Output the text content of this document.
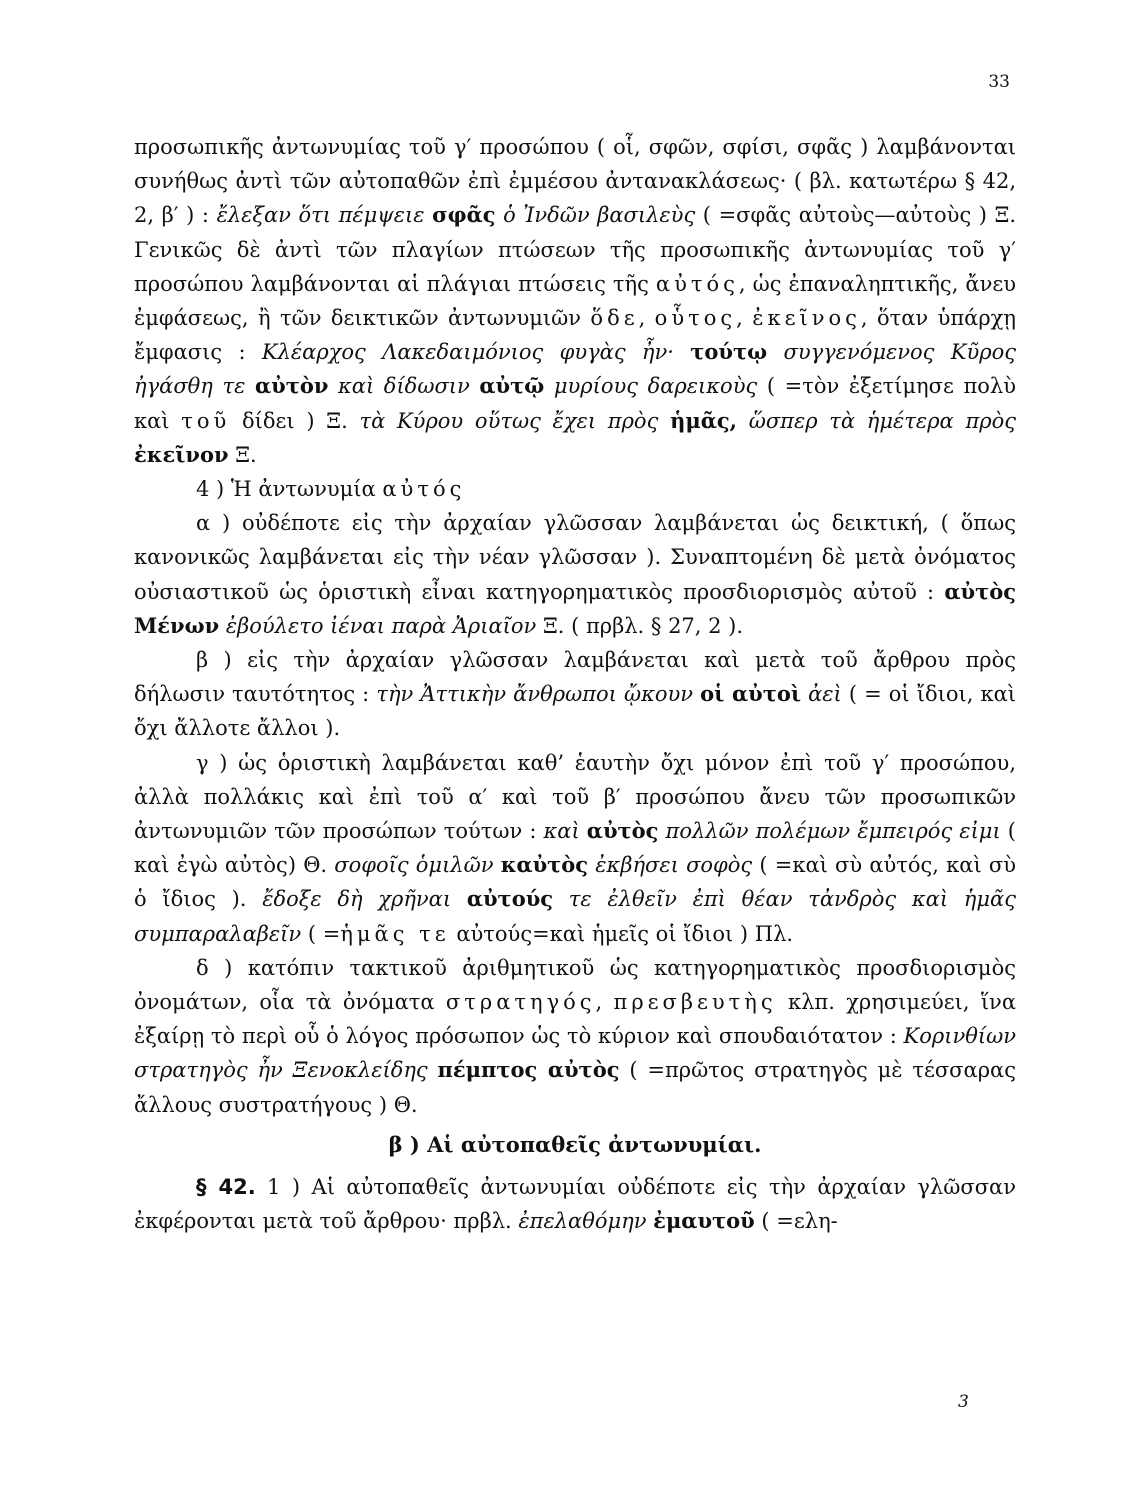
33

προσωπικῆς ἀντωνυμίας τοῦ γ′ προσώπου ( οἷ, σφῶν, σφίσι, σφᾶς ) λαμβάνονται συνήθως ἀντὶ τῶν αὐτοπαθῶν ἐπὶ ἐμμέσου ἀντανακλάσεως· ( βλ. κατωτέρω § 42, 2, β′ ) : ἔλεξαν ὅτι πέμψειε σφᾶς ὁ Ἰνδῶν βασιλεὺς ( =σφᾶς αὐτοὺς—αὐτοὺς ) Ξ. Γενικῶς δὲ ἀντὶ τῶν πλαγίων πτώσεων τῆς προσωπικῆς ἀντωνυμίας τοῦ γ′ προσώπου λαμβάνονται αἱ πλάγιαι πτώσεις τῆς αὐτός, ὡς ἐπαναληπτικῆς, ἄνευ ἐμφάσεως, ἢ τῶν δεικτικῶν ἀντωνυμιῶν ὅδε, οὗτος, ἐκεῖνος, ὅταν ὑπάρχῃ ἔμφασις : Κλέαρχος Λακεδαιμόνιος φυγὰς ἦν· τούτῳ συγγενόμενος Κῦρος ἠγάσθη τε αὐτὸν καὶ δίδωσιν αὐτῷ μυρίους δαρεικοὺς ( =τὸν ἐξετίμησε πολὺ καὶ τοῦ δίδει ) Ξ. τὰ Κύρου οὕτως ἔχει πρὸς ἡμᾶς, ὥσπερ τὰ ἡμέτερα πρὸς ἐκεῖνον Ξ.

4 ) Ἡ ἀντωνυμία αὐτός

α ) οὐδέποτε εἰς τὴν ἀρχαίαν γλῶσσαν λαμβάνεται ὡς δεικτική, ( ὅπως κανονικῶς λαμβάνεται εἰς τὴν νέαν γλῶσσαν ). Συναπτομένη δὲ μετὰ ὀνόματος οὐσιαστικοῦ ὡς ὁριστικὴ εἶναι κατηγορηματικὸς προσδιορισμὸς αὐτοῦ : αὐτὸς Μένων ἐβούλετο ἰέναι παρὰ Ἀριαῖον Ξ. ( πρβλ. § 27, 2 ).

β ) εἰς τὴν ἀρχαίαν γλῶσσαν λαμβάνεται καὶ μετὰ τοῦ ἄρθρου πρὸς δήλωσιν ταυτότητος : τὴν Ἀττικὴν ἄνθρωποι ᾤκουν οἱ αὐτοὶ ἀεὶ ( = οἱ ἴδιοι, καὶ ὄχι ἄλλοτε ἄλλοι ).

γ ) ὡς ὁριστικὴ λαμβάνεται καθ’ ἑαυτὴν ὄχι μόνον ἐπὶ τοῦ γ′ προσώπου, ἀλλὰ πολλάκις καὶ ἐπὶ τοῦ α′ καὶ τοῦ β′ προσώπου ἄνευ τῶν προσωπικῶν ἀντωνυμιῶν τῶν προσώπων τούτων : καὶ αὐτὸς πολλῶν πολέμων ἔμπειρός εἰμι ( καὶ ἐγὼ αὐτὸς) Θ. σοφοῖς ὁμιλῶν καὐτὸς ἐκβήσει σοφὸς ( =καὶ σὺ αὐτός, καὶ σὺ ὁ ἴδιος ). ἔδοξε δὴ χρῆναι αὐτούς τε ἐλθεῖν ἐπὶ θέαν τἀνδρὸς καὶ ἡμᾶς συμπαραλαβεῖν ( =ἡμᾶς τε αὐτούς=καὶ ἡμεῖς οἱ ἴδιοι ) Πλ.

δ ) κατόπιν τακτικοῦ ἀριθμητικοῦ ὡς κατηγορηματικὸς προσδιορισμὸς ὀνομάτων, οἷα τὰ ὀνόματα στρατηγός, πρεσβευτὴς κλπ. χρησιμεύει, ἵνα ἐξαίρῃ τὸ περὶ οὗ ὁ λόγος πρόσωπον ὡς τὸ κύριον καὶ σπουδαιότατον : Κορινθίων στρατηγὸς ἦν Ξενοκλείδης πέμπτος αὐτὸς ( =πρῶτος στρατηγὸς μὲ τέσσαρας ἄλλους συστρατήγους ) Θ.

β ) Αἱ αὐτοπαθεῖς ἀντωνυμίαι.

§ 42. 1 ) Αἱ αὐτοπαθεῖς ἀντωνυμίαι οὐδέποτε εἰς τὴν ἀρχαίαν γλῶσσαν ἐκφέρονται μετὰ τοῦ ἄρθρου· πρβλ. ἐπελαθόμην ἐμαυτοῦ ( =ελη-

3
